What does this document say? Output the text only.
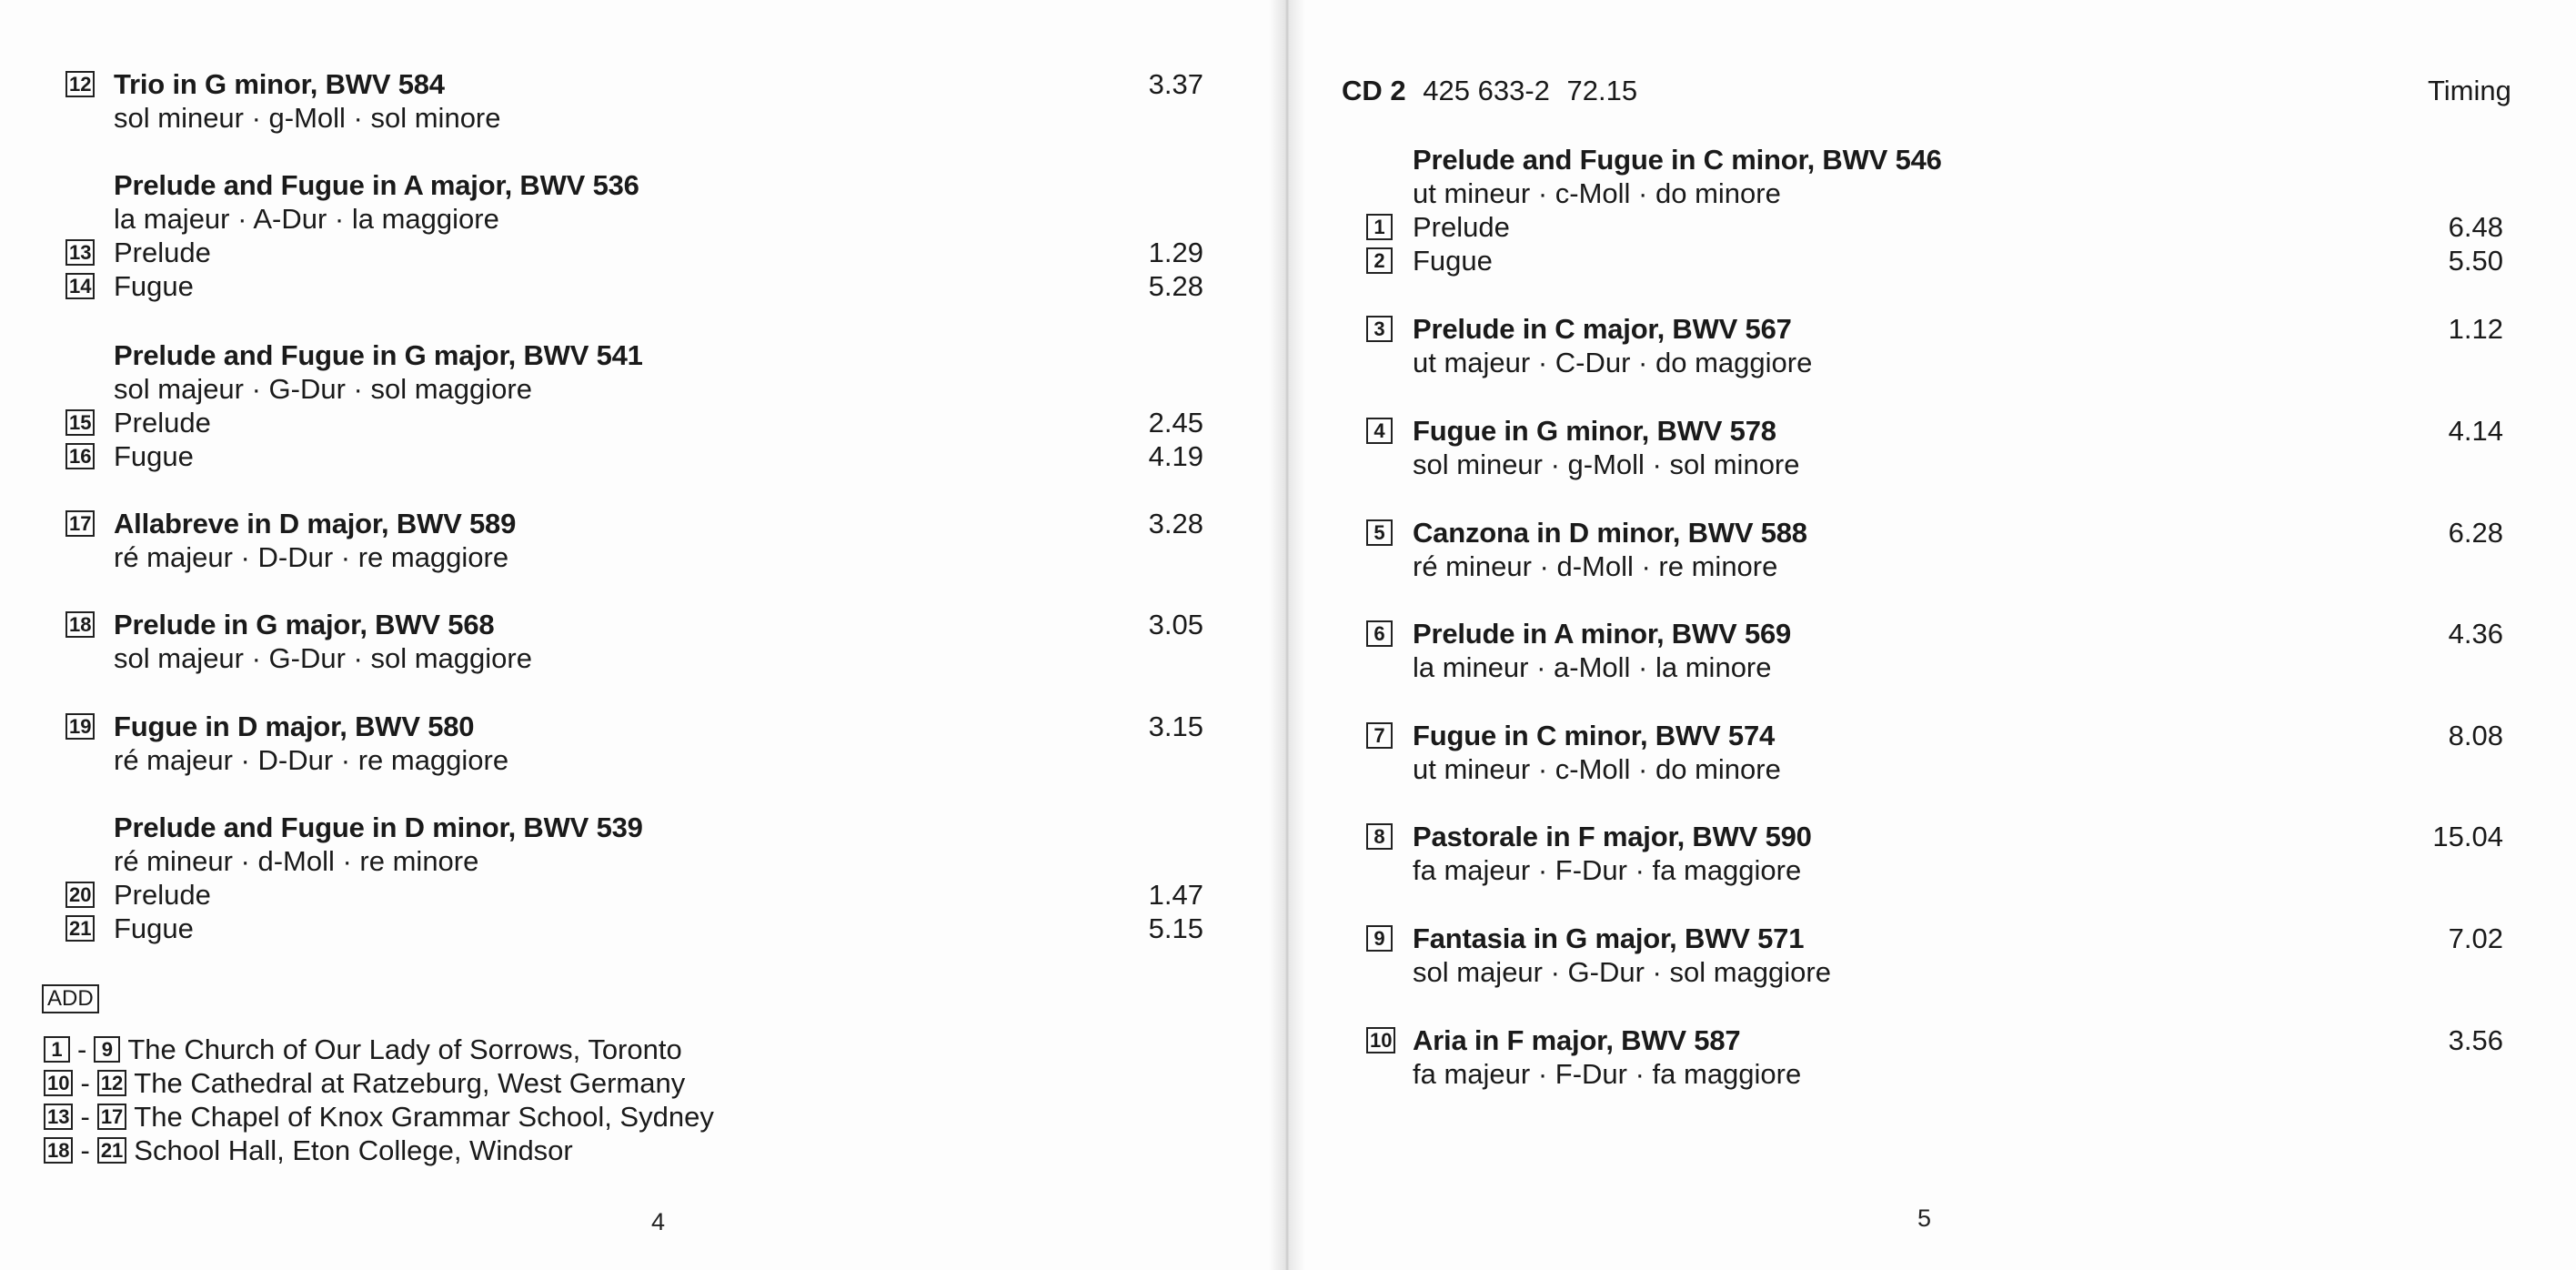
12 Trio in G minor, BWV 584	3.37
sol mineur · g-Moll · sol minore
Prelude and Fugue in A major, BWV 536
la majeur · A-Dur · la maggiore
13 Prelude	1.29
14 Fugue	5.28
Prelude and Fugue in G major, BWV 541
sol majeur · G-Dur · sol maggiore
15 Prelude	2.45
16 Fugue	4.19
17 Allabreve in D major, BWV 589	3.28
ré majeur · D-Dur · re maggiore
18 Prelude in G major, BWV 568	3.05
sol majeur · G-Dur · sol maggiore
19 Fugue in D major, BWV 580	3.15
ré majeur · D-Dur · re maggiore
Prelude and Fugue in D minor, BWV 539
ré mineur · d-Moll · re minore
20 Prelude	1.47
21 Fugue	5.15
ADD
1 - 9 The Church of Our Lady of Sorrows, Toronto
10 - 12 The Cathedral at Ratzeburg, West Germany
13 - 17 The Chapel of Knox Grammar School, Sydney
18 - 21 School Hall, Eton College, Windsor
4
CD 2 425 633-2 72.15	Timing
Prelude and Fugue in C minor, BWV 546
ut mineur · c-Moll · do minore
1 Prelude	6.48
2 Fugue	5.50
3 Prelude in C major, BWV 567	1.12
ut majeur · C-Dur · do maggiore
4 Fugue in G minor, BWV 578	4.14
sol mineur · g-Moll · sol minore
5 Canzona in D minor, BWV 588	6.28
ré mineur · d-Moll · re minore
6 Prelude in A minor, BWV 569	4.36
la mineur · a-Moll · la minore
7 Fugue in C minor, BWV 574	8.08
ut mineur · c-Moll · do minore
8 Pastorale in F major, BWV 590	15.04
fa majeur · F-Dur · fa maggiore
9 Fantasia in G major, BWV 571	7.02
sol majeur · G-Dur · sol maggiore
10 Aria in F major, BWV 587	3.56
fa majeur · F-Dur · fa maggiore
5
